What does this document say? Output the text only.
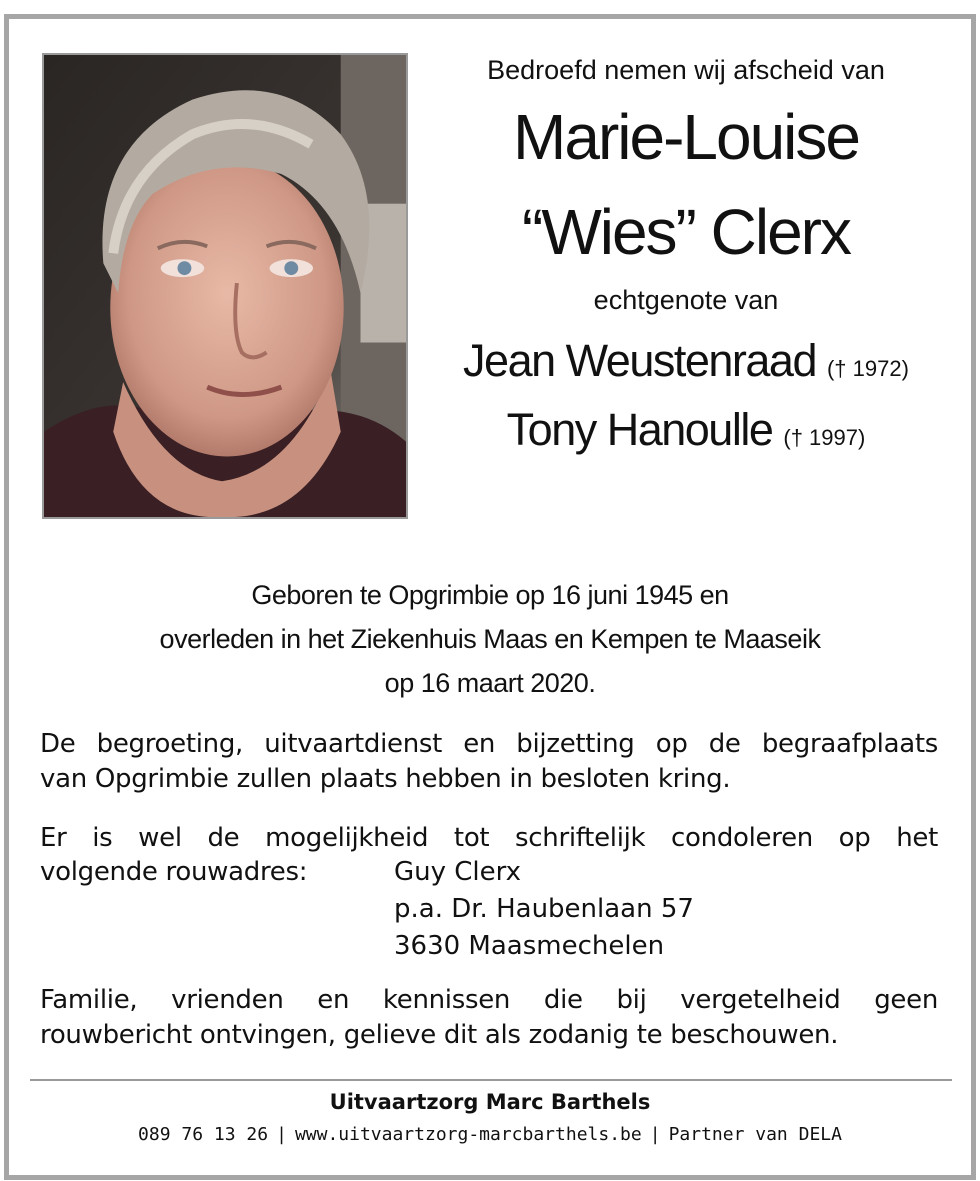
Bedroefd nemen wij afscheid van
Marie-Louise
“Wies” Clerx
echtgenote van
Jean Weustenraad († 1972)
Tony Hanoulle († 1997)
Geboren te Opgrimbie op 16 juni 1945 en
overleden in het Ziekenhuis Maas en Kempen te Maaseik
op 16 maart 2020.
De begroeting, uitvaartdienst en bijzetting op de begraafplaats
van Opgrimbie zullen plaats hebben in besloten kring.
Er is wel de mogelijkheid tot schriftelijk condoleren op het
volgende rouwadres:	Guy Clerx
p.a. Dr. Haubenlaan 57
3630 Maasmechelen
Familie, vrienden en kennissen die bij vergetelheid geen
rouwbericht ontvingen, gelieve dit als zodanig te beschouwen.
Uitvaartzorg Marc Barthels
089 76 13 26 | www.uitvaartzorg-marcbarthels.be | Partner van DELA
